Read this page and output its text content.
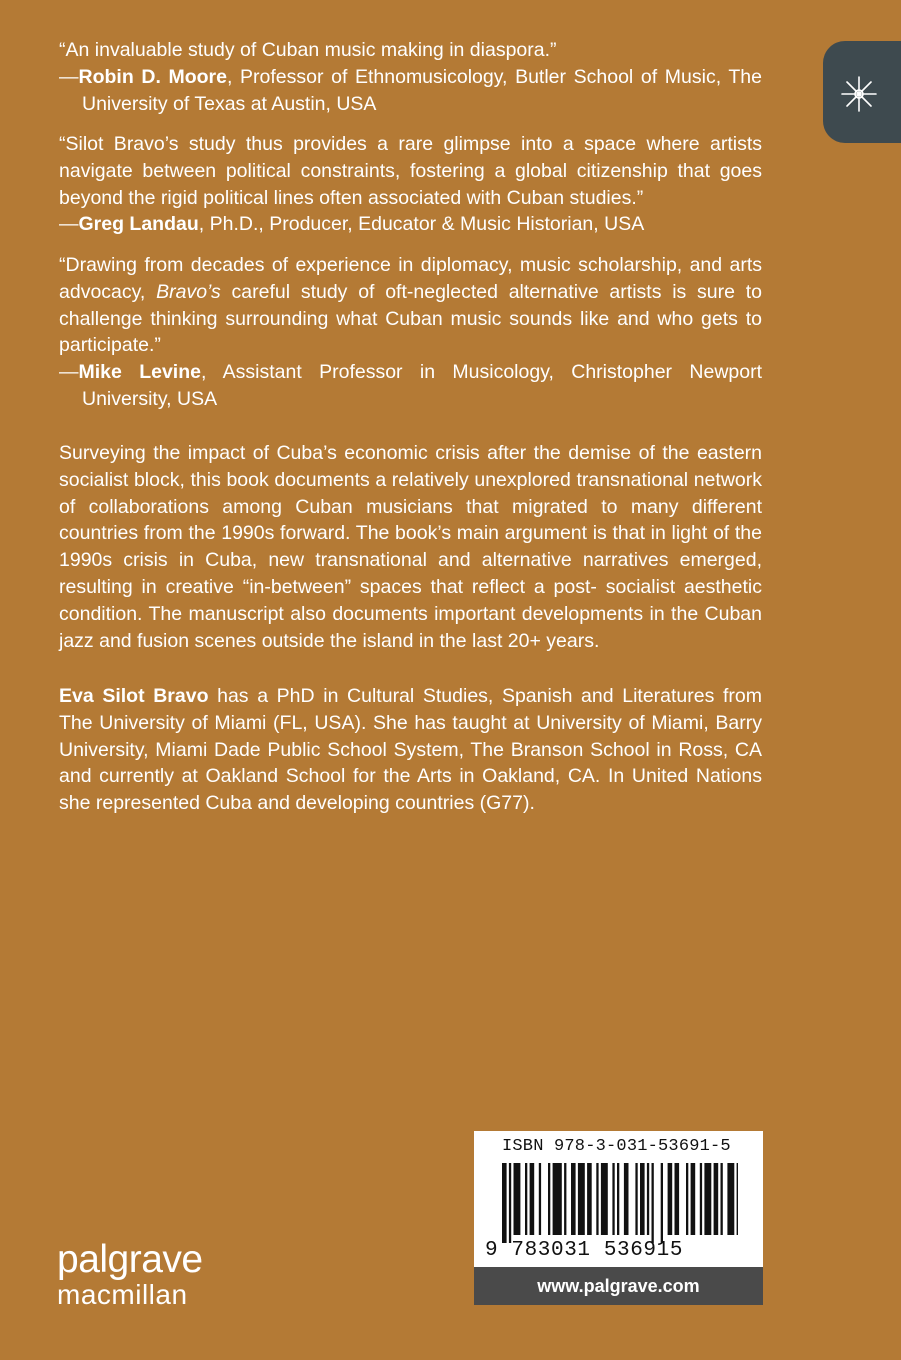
“An invaluable study of Cuban music making in diaspora.”

—Robin D. Moore, Professor of Ethnomusicology, Butler School of Music, The University of Texas at Austin, USA

“Silot Bravo’s study thus provides a rare glimpse into a space where artists navigate between political constraints, fostering a global citizenship that goes beyond the rigid political lines often associated with Cuban studies.”

—Greg Landau, Ph.D., Producer, Educator & Music Historian, USA

“Drawing from decades of experience in diplomacy, music scholarship, and arts advocacy, Bravo’s careful study of oft-neglected alternative artists is sure to challenge thinking surrounding what Cuban music sounds like and who gets to participate.”

—Mike Levine, Assistant Professor in Musicology, Christopher Newport University, USA

Surveying the impact of Cuba’s economic crisis after the demise of the eastern socialist block, this book documents a relatively unexplored transnational network of collaborations among Cuban musicians that migrated to many different countries from the 1990s forward. The book’s main argument is that in light of the 1990s crisis in Cuba, new transnational and alternative narratives emerged, resulting in creative “in-between” spaces that reflect a post- socialist aesthetic condition. The manuscript also documents important developments in the Cuban jazz and fusion scenes outside the island in the last 20+ years.

Eva Silot Bravo has a PhD in Cultural Studies, Spanish and Literatures from The University of Miami (FL, USA). She has taught at University of Miami, Barry University, Miami Dade Public School System, The Branson School in Ross, CA and currently at Oakland School for the Arts in Oakland, CA. In United Nations she represented Cuba and developing countries (G77).

palgrave
macmillan
ISBN 978-3-031-53691-5
9 783031 536915
www.palgrave.com
